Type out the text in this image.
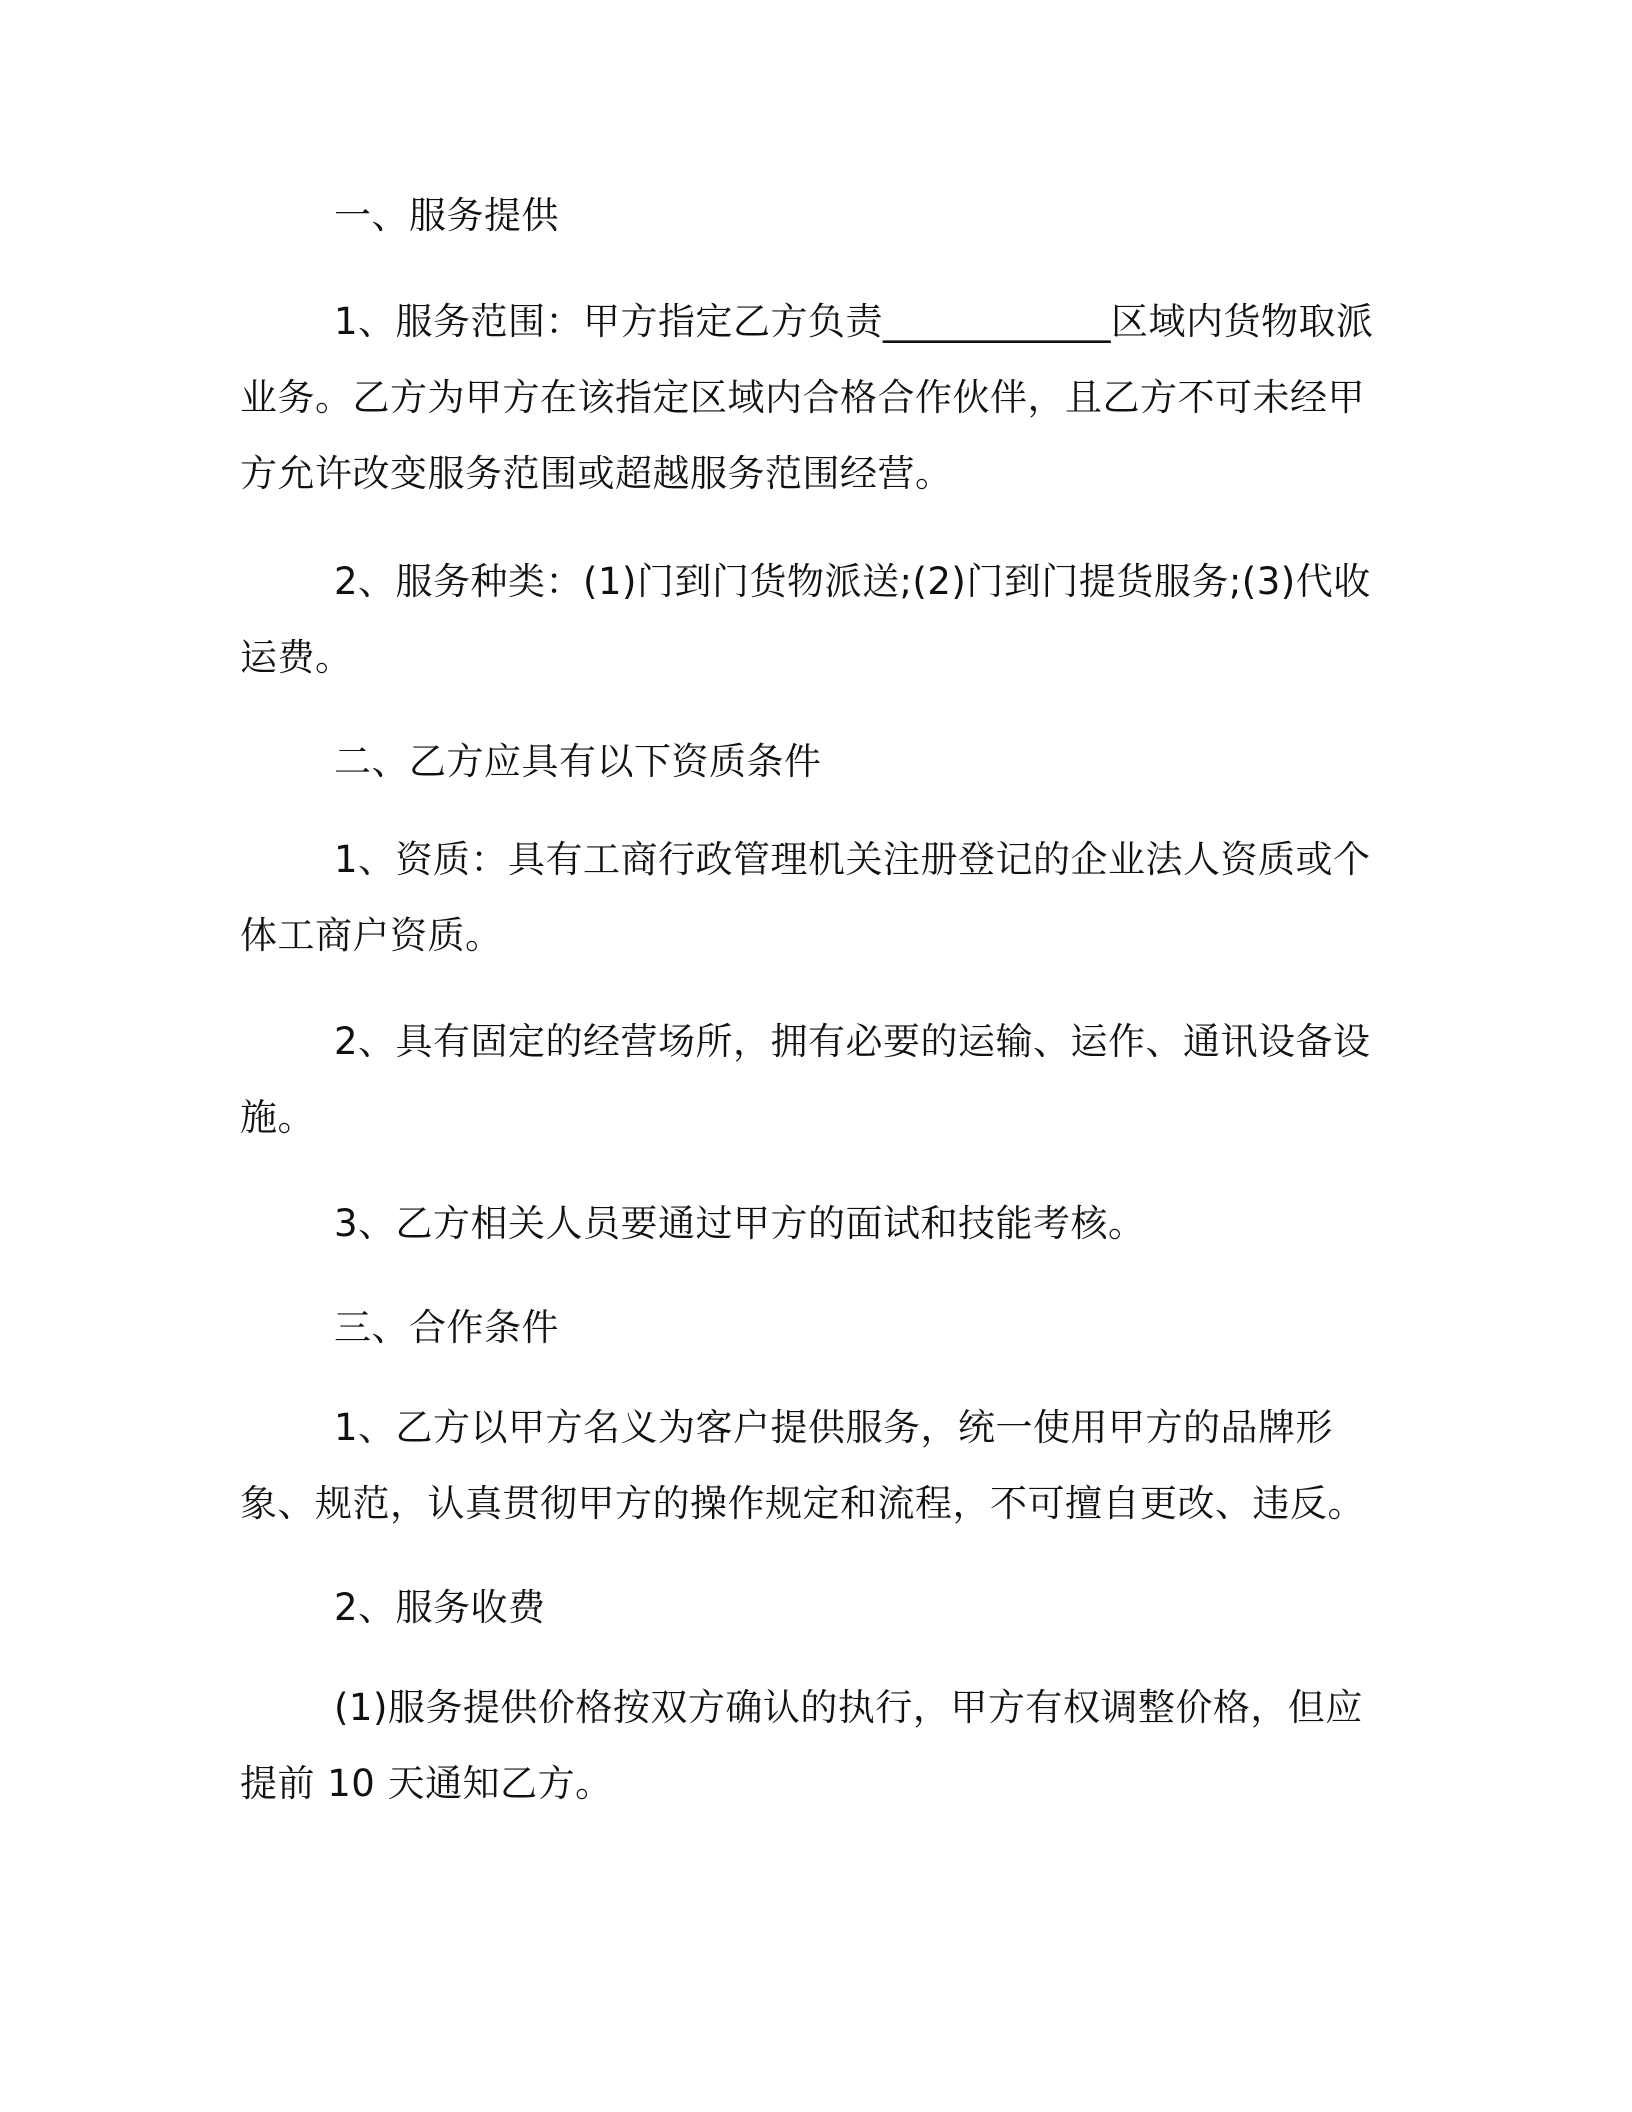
一、服务提供

1、服务范围：甲方指定乙方负责____________区域内货物取派业务。乙方为甲方在该指定区域内合格合作伙伴，且乙方不可未经甲方允许改变服务范围或超越服务范围经营。

2、服务种类：(1)门到门货物派送;(2)门到门提货服务;(3)代收运费。

二、乙方应具有以下资质条件

1、资质：具有工商行政管理机关注册登记的企业法人资质或个体工商户资质。

2、具有固定的经营场所，拥有必要的运输、运作、通讯设备设施。

3、乙方相关人员要通过甲方的面试和技能考核。

三、合作条件

1、乙方以甲方名义为客户提供服务，统一使用甲方的品牌形象、规范，认真贯彻甲方的操作规定和流程，不可擅自更改、违反。

2、服务收费

(1)服务提供价格按双方确认的执行，甲方有权调整价格，但应提前 10 天通知乙方。
